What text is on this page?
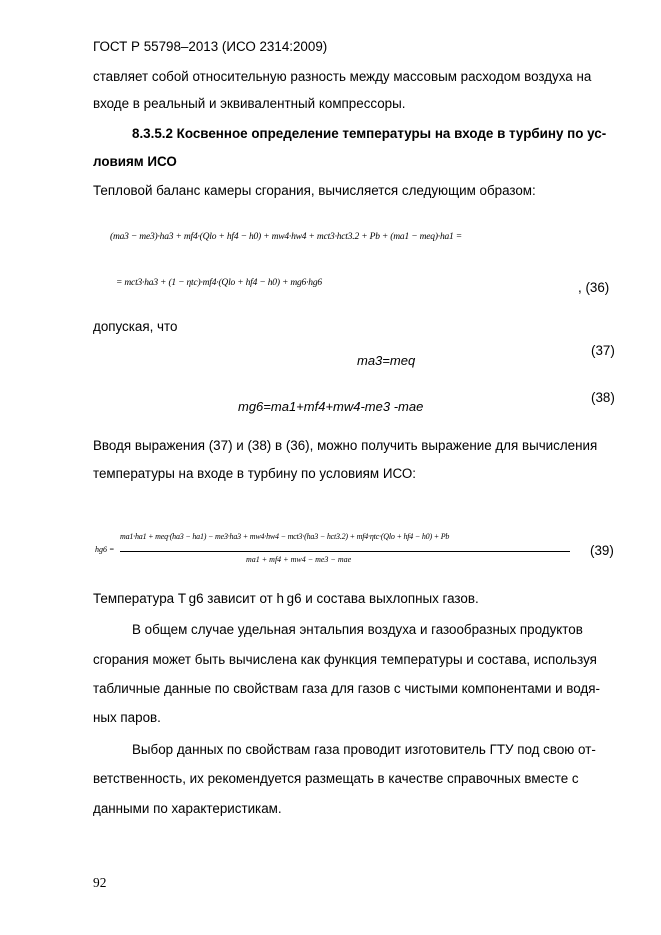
ГОСТ Р 55798–2013 (ИСО 2314:2009)
ставляет собой относительную разность между массовым расходом воздуха на
входе в реальный и эквивалентный компрессоры.
8.3.5.2 Косвенное определение температуры на входе в турбину по ус-
ловиям ИСО
Тепловой баланс камеры сгорания, вычисляется следующим образом:
(ma3 − me3)·ha3 + mf4·(Qlo + hf4 − h0) + mw4·hw4 + mct3·hct3.2 + Pb + (ma1 − meq)·ha1 =
= mct3·ha3 + (1 − ηtc)·mf4·(Qlo + hf4 − h0) + mg6·hg6	, (36)
допуская, что
ma3=meq
(37)
mg6=ma1+mf4+mw4-me3 -mae
(38)
Вводя выражения (37) и (38) в (36), можно получить выражение для вычисления
температуры на входе в турбину по условиям ИСО:
hg6 =
ma1·ha1 + meq·(ha3 − ha1) − me3·ha3 + mw4·hw4 − mct3·(ha3 − hct3.2) + mf4·ηtc·(Qlo + hf4 − h0) + Pb
ma1 + mf4 + mw4 − me3 − mae
(39)
Температура T g6 зависит от h g6 и состава выхлопных газов.
В общем случае удельная энтальпия воздуха и газообразных продуктов
сгорания может быть вычислена как функция температуры и состава, используя
табличные данные по свойствам газа для газов с чистыми компонентами и водя-
ных паров.
Выбор данных по свойствам газа проводит изготовитель ГТУ под свою от-
ветственность, их рекомендуется размещать в качестве справочных вместе с
данными по характеристикам.
92
